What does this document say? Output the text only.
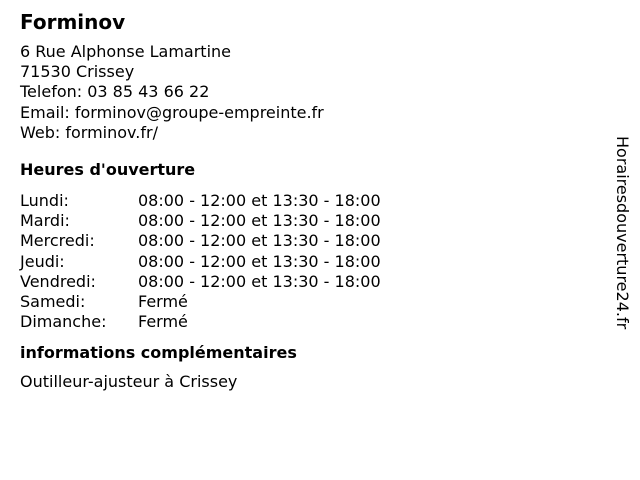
Forminov
6 Rue Alphonse Lamartine
71530 Crissey
Telefon: 03 85 43 66 22
Email: forminov@groupe-empreinte.fr
Web: forminov.fr/
Heures d'ouverture
Lundi:	08:00 - 12:00 et 13:30 - 18:00
Mardi:	08:00 - 12:00 et 13:30 - 18:00
Mercredi:	08:00 - 12:00 et 13:30 - 18:00
Jeudi:	08:00 - 12:00 et 13:30 - 18:00
Vendredi:	08:00 - 12:00 et 13:30 - 18:00
Samedi:	Fermé
Dimanche:	Fermé
informations complémentaires
Outilleur-ajusteur à Crissey
Horairesdouverture24.fr
